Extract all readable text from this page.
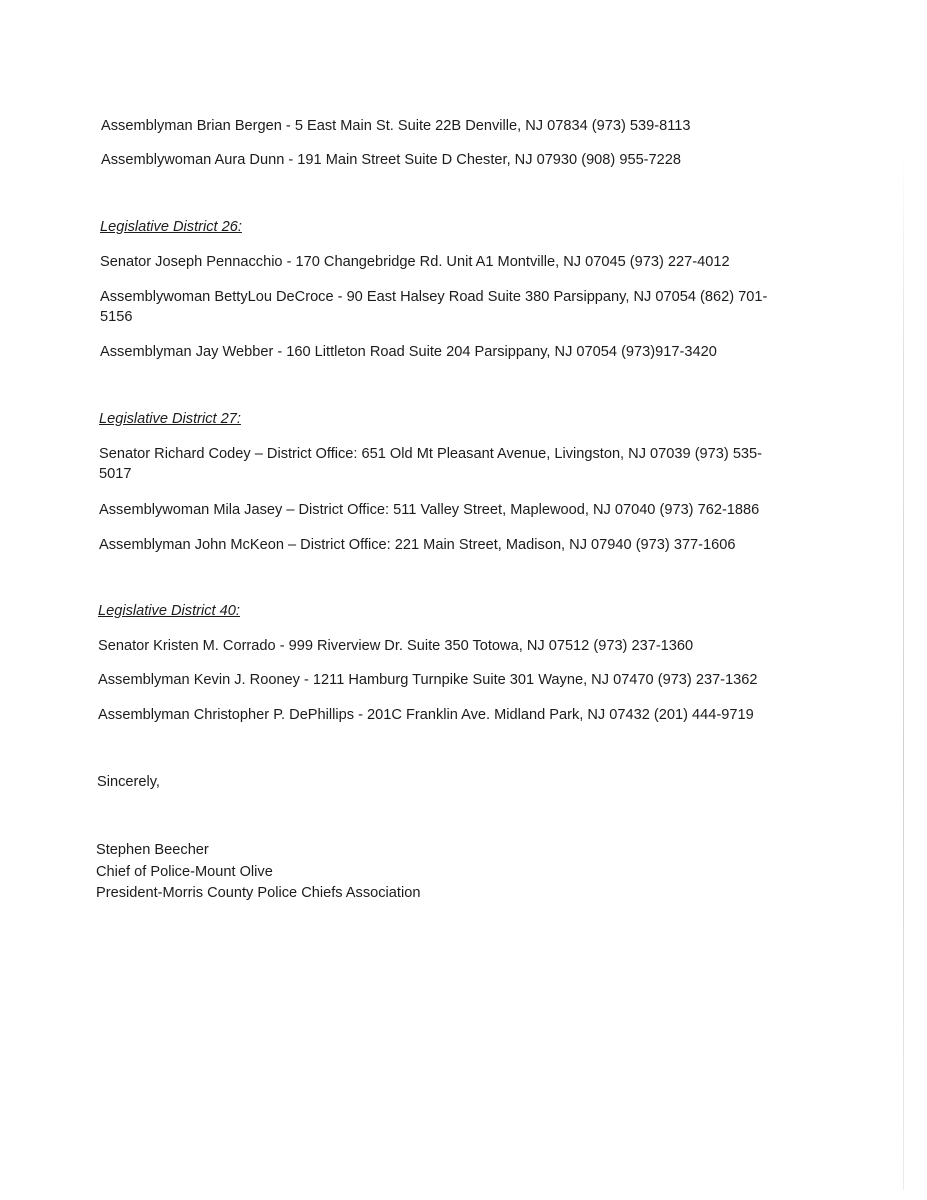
Assemblyman Brian Bergen - 5 East Main St. Suite 22B Denville, NJ 07834 (973) 539-8113
Assemblywoman Aura Dunn - 191 Main Street Suite D Chester, NJ 07930 (908) 955-7228
Legislative District 26:
Senator Joseph Pennacchio - 170 Changebridge Rd. Unit A1 Montville, NJ 07045 (973) 227-4012
Assemblywoman BettyLou DeCroce - 90 East Halsey Road Suite 380 Parsippany, NJ 07054 (862) 701-5156
Assemblyman Jay Webber - 160 Littleton Road Suite 204 Parsippany, NJ 07054 (973)917-3420
Legislative District 27:
Senator Richard Codey – District Office: 651 Old Mt Pleasant Avenue, Livingston, NJ 07039 (973) 535-5017
Assemblywoman Mila Jasey – District Office: 511 Valley Street, Maplewood, NJ 07040 (973) 762-1886
Assemblyman John McKeon – District Office: 221 Main Street, Madison, NJ 07940 (973) 377-1606
Legislative District 40:
Senator Kristen M. Corrado - 999 Riverview Dr. Suite 350 Totowa, NJ 07512 (973) 237-1360
Assemblyman Kevin J. Rooney - 1211 Hamburg Turnpike Suite 301 Wayne, NJ 07470 (973) 237-1362
Assemblyman Christopher P. DePhillips - 201C Franklin Ave. Midland Park, NJ 07432 (201) 444-9719
Sincerely,
Stephen Beecher
Chief of Police-Mount Olive
President-Morris County Police Chiefs Association
